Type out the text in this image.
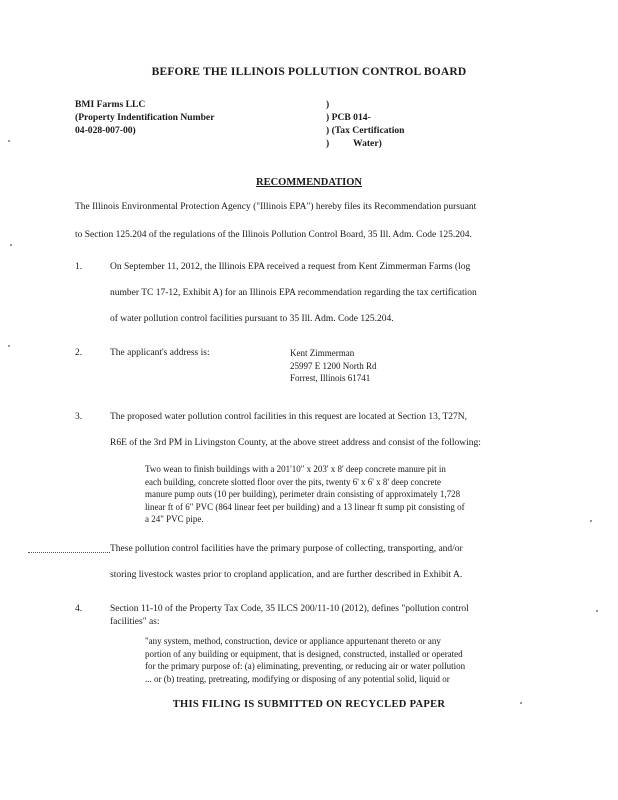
BEFORE THE ILLINOIS POLLUTION CONTROL BOARD
BMI Farms LLC
(Property Indentification Number
04-028-007-00)
)
) PCB 014-
) (Tax Certification
)          Water)
RECOMMENDATION
The Illinois Environmental Protection Agency ("Illinois EPA") hereby files its Recommendation pursuant
to Section 125.204 of the regulations of the Illinois Pollution Control Board, 35 Ill. Adm. Code 125.204.
1.	On September 11, 2012, the Illinois EPA received a request from Kent Zimmerman Farms (log
number TC 17-12, Exhibit A) for an Illinois EPA recommendation regarding the tax certification
of water pollution control facilities pursuant to 35 Ill. Adm. Code 125.204.
2.	The applicant's address is:	Kent Zimmerman
25997 E 1200 North Rd
Forrest, Illinois 61741
3.	The proposed water pollution control facilities in this request are located at Section 13, T27N,
R6E of the 3rd PM in Livingston County, at the above street address and consist of the following:
Two wean to finish buildings with a 201'10" x 203' x 8' deep concrete manure pit in
each building, concrete slotted floor over the pits, twenty 6' x 6' x 8' deep concrete
manure pump outs (10 per building), perimeter drain consisting of approximately 1,728
linear ft of 6" PVC (864 linear feet per building) and a 13 linear ft sump pit consisting of
a 24" PVC pipe.
These pollution control facilities have the primary purpose of collecting, transporting, and/or
storing livestock wastes prior to cropland application, and are further described in Exhibit A.
4.	Section 11-10 of the Property Tax Code, 35 ILCS 200/11-10 (2012), defines "pollution control
facilities" as:
"any system, method, construction, device or appliance appurtenant thereto or any
portion of any building or equipment, that is designed, constructed, installed or operated
for the primary purpose of: (a) eliminating, preventing, or reducing air or water pollution
... or (b) treating, pretreating, modifying or disposing of any potential solid, liquid or
THIS FILING IS SUBMITTED ON RECYCLED PAPER
